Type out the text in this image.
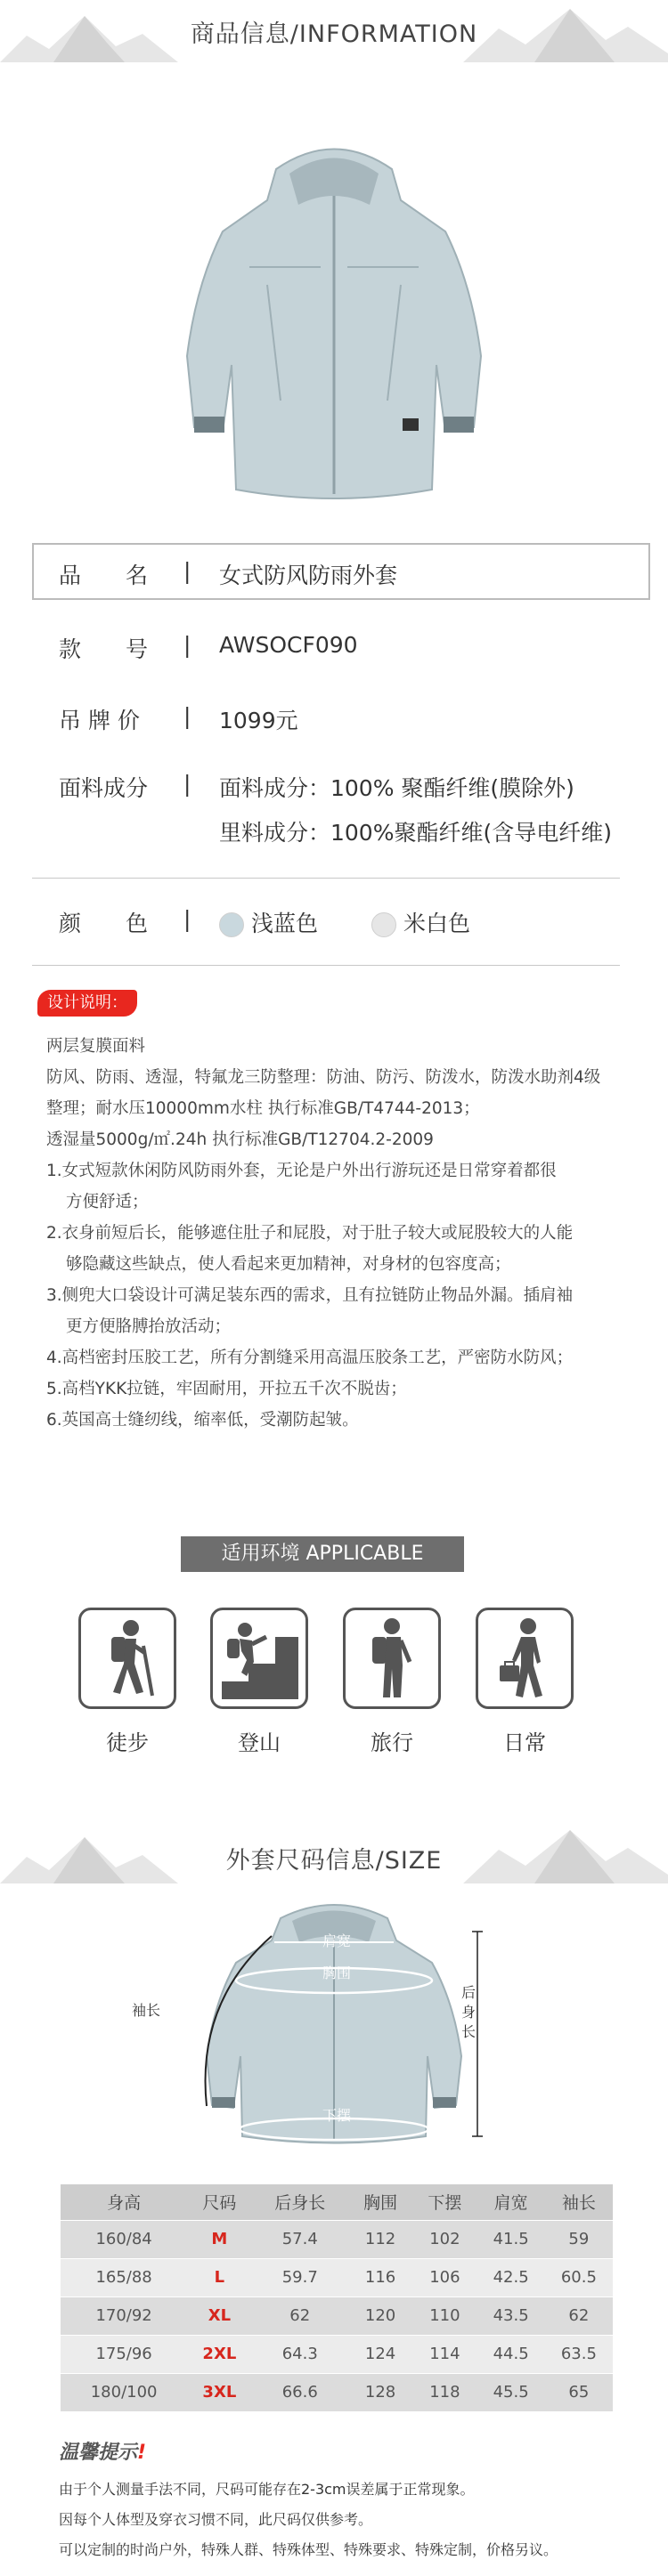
商品信息/INFORMATION
品　　名 | 女式防风防雨外套
款　　号 | AWSOCF090
吊 牌 价 | 1099元
面料成分 | 面料成分：100% 聚酯纤维(膜除外)
里料成分：100%聚酯纤维(含导电纤维)
颜　　色 |	浅蓝色	米白色
设计说明：

两层复膜面料

防风、防雨、透湿，特氟龙三防整理：防油、防污、防泼水，防泼水助剂4级

整理；耐水压10000mm水柱 执行标准GB/T4744-2013；

透湿量5000g/㎡.24h 执行标准GB/T12704.2-2009

1.女式短款休闲防风防雨外套，无论是户外出行游玩还是日常穿着都很

方便舒适；

2.衣身前短后长，能够遮住肚子和屁股，对于肚子较大或屁股较大的人能

够隐藏这些缺点，使人看起来更加精神，对身材的包容度高；

3.侧兜大口袋设计可满足装东西的需求，且有拉链防止物品外漏。插肩袖

更方便胳膊抬放活动；

4.高档密封压胶工艺，所有分割缝采用高温压胶条工艺，严密防水防风；

5.高档YKK拉链，牢固耐用，开拉五千次不脱齿；

6.英国高士缝纫线，缩率低，受潮防起皱。

适用环境 APPLICABLE
徒步	登山	旅行	日常
外套尺码信息/SIZE
袖长
肩宽
胸围
下摆
后
身
长
身高	尺码	后身长	胸围	下摆	肩宽	袖长
160/84	M	57.4	112	102	41.5	59
165/88	L	59.7	116	106	42.5	60.5
170/92	XL	62	120	110	43.5	62
175/96	2XL	64.3	124	114	44.5	63.5
180/100	3XL	66.6	128	118	45.5	65
温馨提示!
由于个人测量手法不同，尺码可能存在2-3cm误差属于正常现象。
因每个人体型及穿衣习惯不同，此尺码仅供参考。
可以定制的时尚户外，特殊人群、特殊体型、特殊要求、特殊定制，价格另议。
